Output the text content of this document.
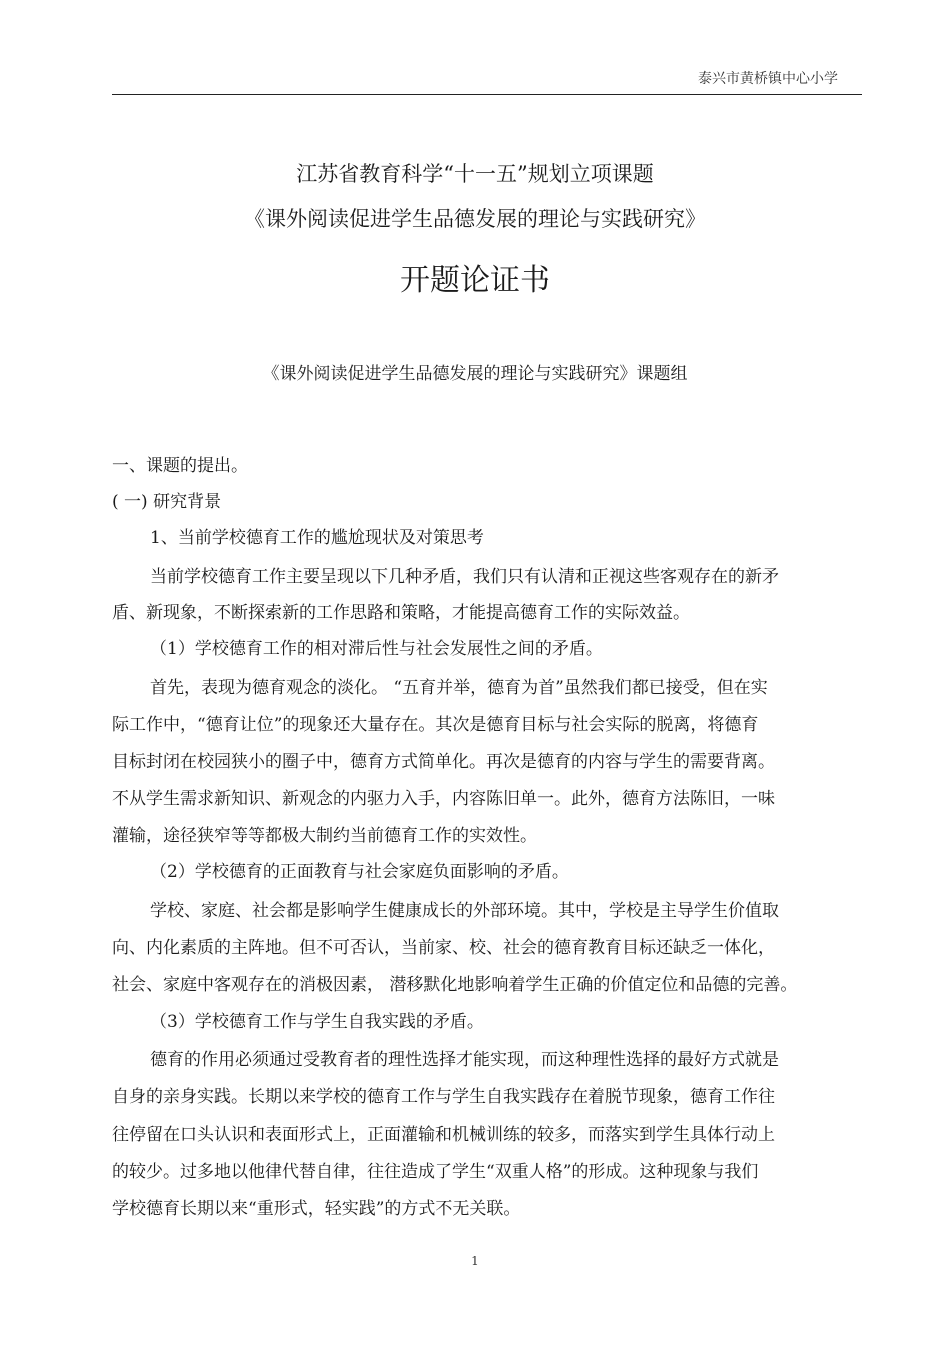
泰兴市黄桥镇中心小学
江苏省教育科学“十一五”规划立项课题
《课外阅读促进学生品德发展的理论与实践研究》
开题论证书
《课外阅读促进学生品德发展的理论与实践研究》课题组
一、课题的提出。
( 一) 研究背景
1、当前学校德育工作的尴尬现状及对策思考
当前学校德育工作主要呈现以下几种矛盾，我们只有认清和正视这些客观存在的新矛
盾、新现象，不断探索新的工作思路和策略，才能提高德育工作的实际效益。
（1）学校德育工作的相对滞后性与社会发展性之间的矛盾。
首先，表现为德育观念的淡化。 “五育并举，德育为首”虽然我们都已接受，但在实
际工作中，“德育让位”的现象还大量存在。其次是德育目标与社会实际的脱离，将德育
目标封闭在校园狭小的圈子中，德育方式简单化。再次是德育的内容与学生的需要背离。
不从学生需求新知识、新观念的内驱力入手，内容陈旧单一。此外，德育方法陈旧，一味
灌输，途径狭窄等等都极大制约当前德育工作的实效性。
（2）学校德育的正面教育与社会家庭负面影响的矛盾。
学校、家庭、社会都是影响学生健康成长的外部环境。其中，学校是主导学生价值取
向、内化素质的主阵地。但不可否认，当前家、校、社会的德育教育目标还缺乏一体化，
社会、家庭中客观存在的消极因素， 潜移默化地影响着学生正确的价值定位和品德的完善。
（3）学校德育工作与学生自我实践的矛盾。
德育的作用必须通过受教育者的理性选择才能实现，而这种理性选择的最好方式就是
自身的亲身实践。长期以来学校的德育工作与学生自我实践存在着脱节现象，德育工作往
往停留在口头认识和表面形式上，正面灌输和机械训练的较多，而落实到学生具体行动上
的较少。过多地以他律代替自律，往往造成了学生“双重人格”的形成。这种现象与我们
学校德育长期以来“重形式，轻实践”的方式不无关联。
1
